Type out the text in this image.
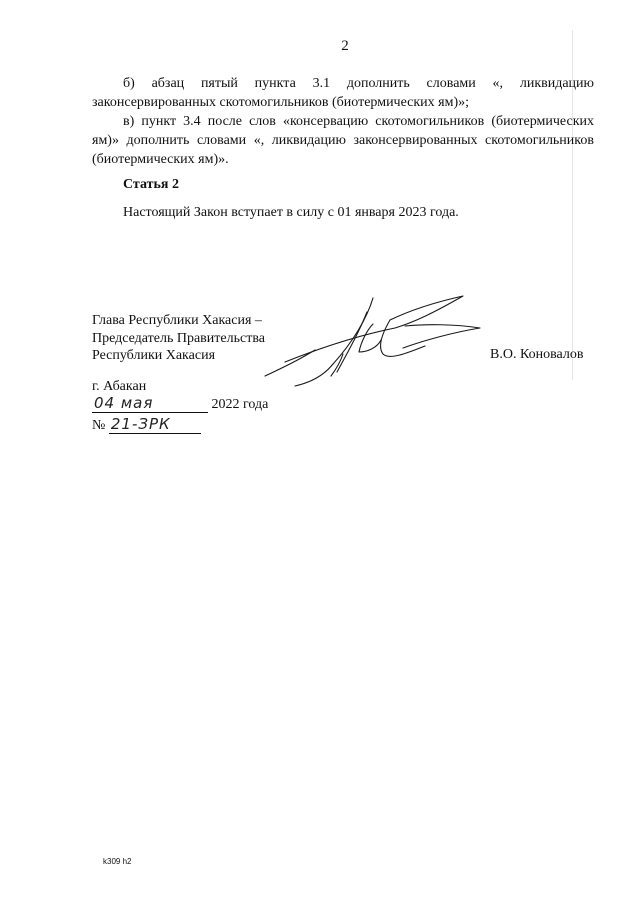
2

б) абзац пятый пункта 3.1 дополнить словами «, ликвидацию законсервированных скотомогильников (биотермических ям)»;

в) пункт 3.4 после слов «консервацию скотомогильников (биотермических ям)» дополнить словами «, ликвидацию законсервированных скотомогильников (биотермических ям)».

Статья 2
Настоящий Закон вступает в силу с 01 января 2023 года.
Глава Республики Хакасия –
Председатель Правительства
Республики Хакасия	В.О. Коновалов
г. Абакан
04 мая	2022 года
№ 21-ЗРК
k309 h2
